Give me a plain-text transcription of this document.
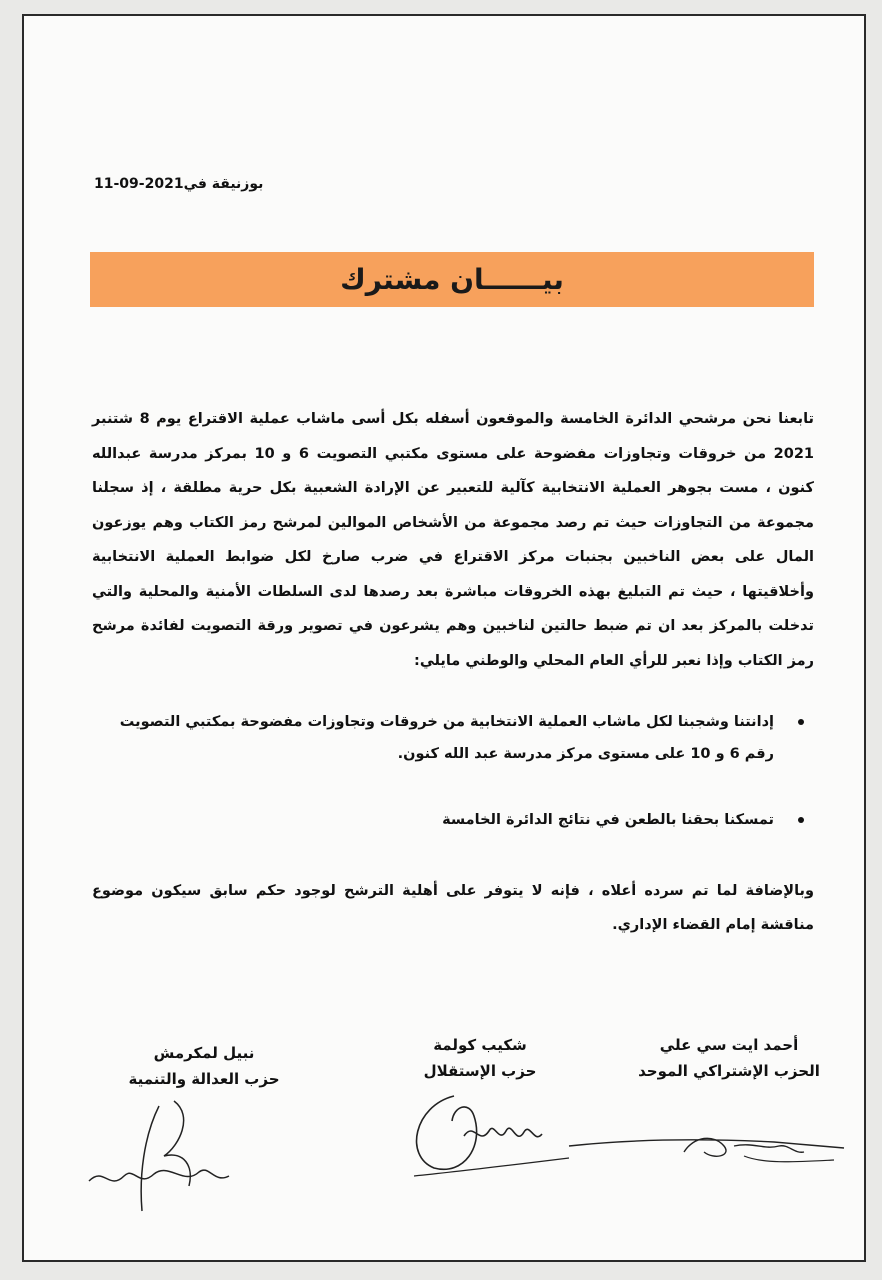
بوزنيقة في2021-09-11
بيــــــان مشترك
تابعنا نحن مرشحي الدائرة الخامسة والموقعون أسفله بكل أسى ماشاب عملية الاقتراع يوم 8 شتنبر 2021 من خروقات وتجاوزات مفضوحة على مستوى مكتبي التصويت 6 و 10 بمركز مدرسة عبدالله كنون ، مست بجوهر العملية الانتخابية كآلية للتعبير عن الإرادة الشعبية بكل حرية مطلقة ، إذ سجلنا مجموعة من التجاوزات حيث تم رصد مجموعة من الأشخاص الموالين لمرشح رمز الكتاب وهم يوزعون المال على بعض الناخبين بجنبات مركز الاقتراع في ضرب صارخ لكل ضوابط العملية الانتخابية وأخلاقيتها ، حيث تم التبليغ بهذه الخروقات مباشرة بعد رصدها لدى السلطات الأمنية والمحلية والتي تدخلت بالمركز بعد ان تم ضبط حالتين لناخبين وهم يشرعون في تصوير ورقة التصويت لفائدة مرشح رمز الكتاب وإذا نعبر للرأي العام المحلي والوطني مايلي:
إدانتنا وشجبنا لكل ماشاب العملية الانتخابية من خروقات وتجاوزات مفضوحة بمكتبي التصويت رقم 6 و 10 على مستوى مركز مدرسة عبد الله كنون.
تمسكنا بحقنا بالطعن في نتائج الدائرة الخامسة
وبالإضافة لما تم سرده أعلاه ، فإنه لا يتوفر على أهلية الترشح لوجود حكم سابق سيكون موضوع مناقشة إمام القضاء الإداري.
أحمد ايت سي علي
الحزب الإشتراكي الموحد
شكيب كولمة
حزب الإستقلال
نبيل لمكرمش
حزب العدالة والتنمية
